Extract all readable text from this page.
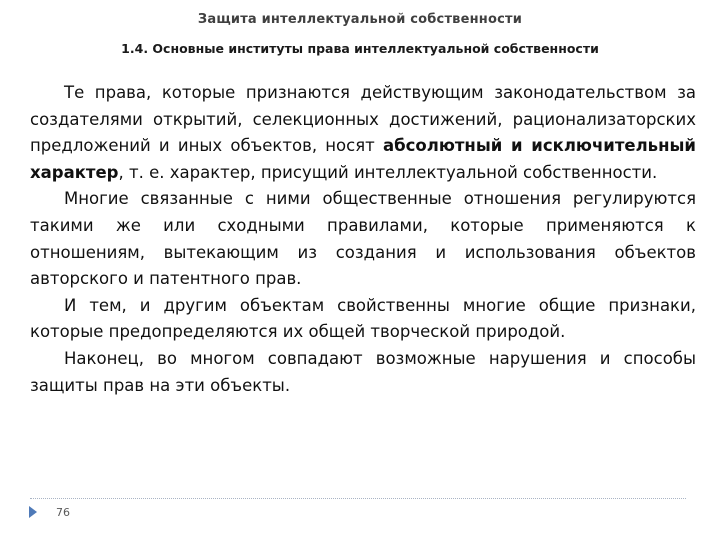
Защита интеллектуальной собственности
1.4. Основные институты права интеллектуальной собственности

Те права, которые признаются действующим законодательством за создателями открытий, селекционных достижений, рационализаторских предложений и иных объектов, носят абсолютный и исключительный характер, т. е. характер, присущий интеллектуальной собственности.

Многие связанные с ними общественные отношения регулируются такими же или сходными правилами, которые применяются к отношениям, вытекающим из создания и использования объектов авторского и патентного прав.

И тем, и другим объектам свойственны многие общие признаки, которые предопределяются их общей творческой природой.

Наконец, во многом совпадают возможные нарушения и способы защиты прав на эти объекты.

76
